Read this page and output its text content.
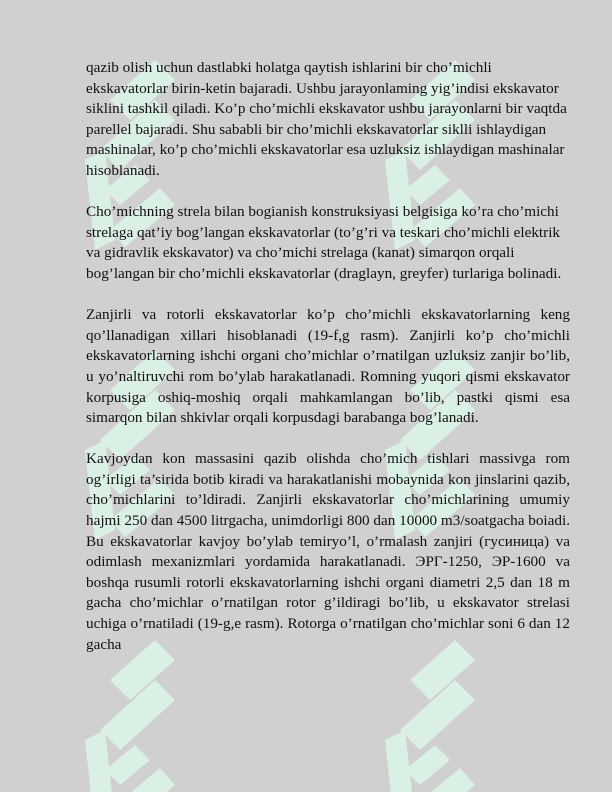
qazib olish uchun dastlabki holatga qaytish ishlarini bir cho’michli ekskavatorlar birin-ketin bajaradi. Ushbu jarayonlaming yig’indisi ekskavator siklini tashkil qiladi. Ko’p cho’michli ekskavator ushbu jarayonlarni bir vaqtda parellel bajaradi. Shu sababli bir cho’michli ekskavatorlar siklli ishlaydigan mashinalar, ko’p cho’michli ekskavatorlar esa uzluksiz ishlaydigan mashinalar hisoblanadi.

Cho’michning strela bilan bogianish konstruksiyasi belgisiga ko’ra cho’michi strelaga qat’iy bog’langan ekskavatorlar (to’g’ri va teskari cho’michli elektrik va gidravlik ekskavator) va cho’michi strelaga (kanat) simarqon orqali bog’langan bir cho’michli ekskavatorlar (draglayn, greyfer) turlariga bolinadi.

Zanjirli va rotorli ekskavatorlar ko’p cho’michli ekskavatorlarning keng qo’llanadigan xillari hisoblanadi (19-f,g rasm). Zanjirli ko’p cho’michli ekskavatorlarning ishchi organi cho’michlar o’rnatilgan uzluksiz zanjir bo’lib, u yo’naltiruvchi rom bo’ylab harakatlanadi. Romning yuqori qismi ekskavator korpusiga oshiq-moshiq orqali mahkamlangan bo’lib, pastki qismi esa simarqon bilan shkivlar orqali korpusdagi barabanga bog’lanadi.

Kavjoydan kon massasini qazib olishda cho’mich tishlari massivga rom og’irligi ta’sirida botib kiradi va harakatlanishi mobaynida kon jinslarini qazib, cho’michlarini to’ldiradi. Zanjirli ekskavatorlar cho’michlarining umumiy hajmi 250 dan 4500 litrgacha, unimdorligi 800 dan 10000 m3/soatgacha boiadi. Bu ekskavatorlar kavjoy bo’ylab temiryo’l, o’rmalash zanjiri (гусиница) va odimlash mexanizmlari yordamida harakatlanadi. ЭРГ-1250, ЭР-1600 va boshqa rusumli rotorli ekskavatorlarning ishchi organi diametri 2,5 dan 18 m gacha cho’michlar o’rnatilgan rotor g’ildiragi bo’lib, u ekskavator strelasi uchiga o’rnatiladi (19-g,e rasm). Rotorga o’rnatilgan cho’michlar soni 6 dan 12 gacha
